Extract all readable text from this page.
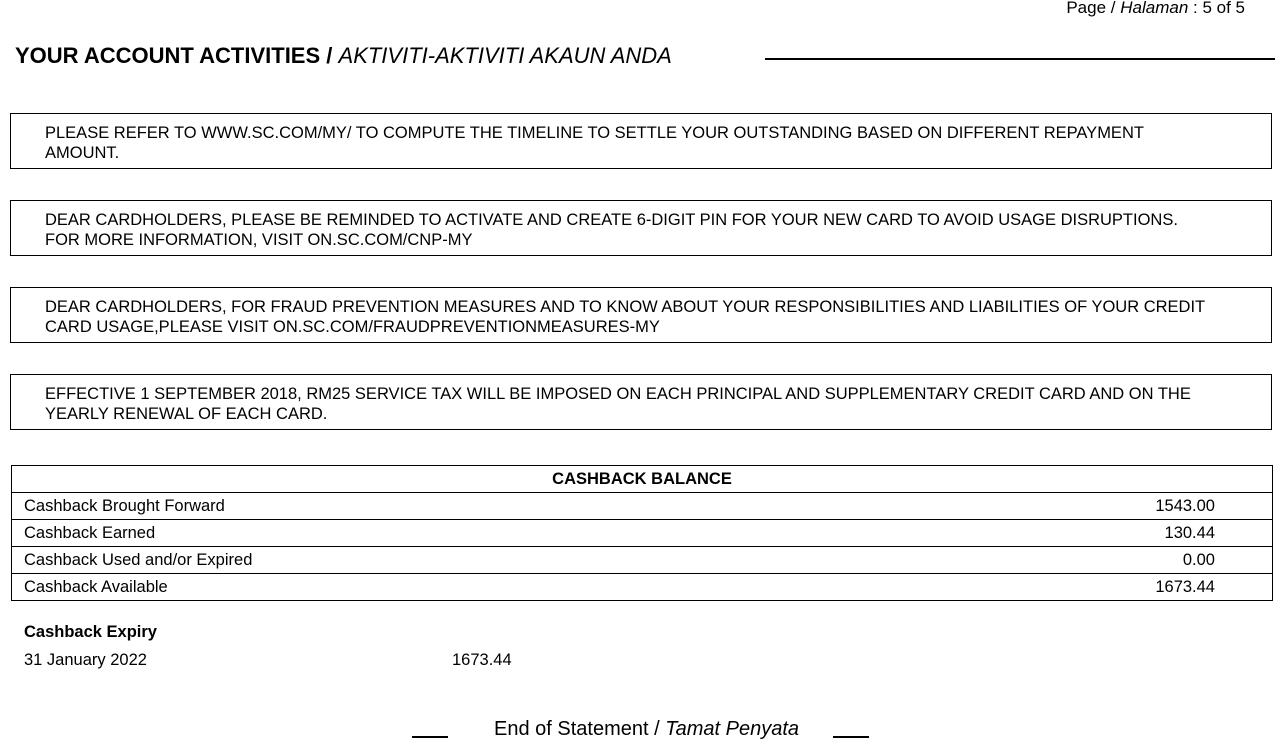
Page / Halaman : 5 of 5
YOUR ACCOUNT ACTIVITIES / AKTIVITI-AKTIVITI AKAUN ANDA

PLEASE REFER TO WWW.SC.COM/MY/ TO COMPUTE THE TIMELINE TO SETTLE YOUR OUTSTANDING BASED ON DIFFERENT REPAYMENT

AMOUNT.

DEAR CARDHOLDERS, PLEASE BE REMINDED TO ACTIVATE AND CREATE 6-DIGIT PIN FOR YOUR NEW CARD TO AVOID USAGE DISRUPTIONS.

FOR MORE INFORMATION, VISIT ON.SC.COM/CNP-MY

DEAR CARDHOLDERS, FOR FRAUD PREVENTION MEASURES AND TO KNOW ABOUT YOUR RESPONSIBILITIES AND LIABILITIES OF YOUR CREDIT

CARD USAGE,PLEASE VISIT ON.SC.COM/FRAUDPREVENTIONMEASURES-MY

EFFECTIVE 1 SEPTEMBER 2018, RM25 SERVICE TAX WILL BE IMPOSED ON EACH PRINCIPAL AND SUPPLEMENTARY CREDIT CARD AND ON THE

YEARLY RENEWAL OF EACH CARD.

CASHBACK BALANCE	
Cashback Brought Forward	1543.00
Cashback Earned	130.44
Cashback Used and/or Expired	0.00
Cashback Available	1673.44
Cashback Expiry
31 January 2022	1673.44
End of Statement / Tamat Penyata
